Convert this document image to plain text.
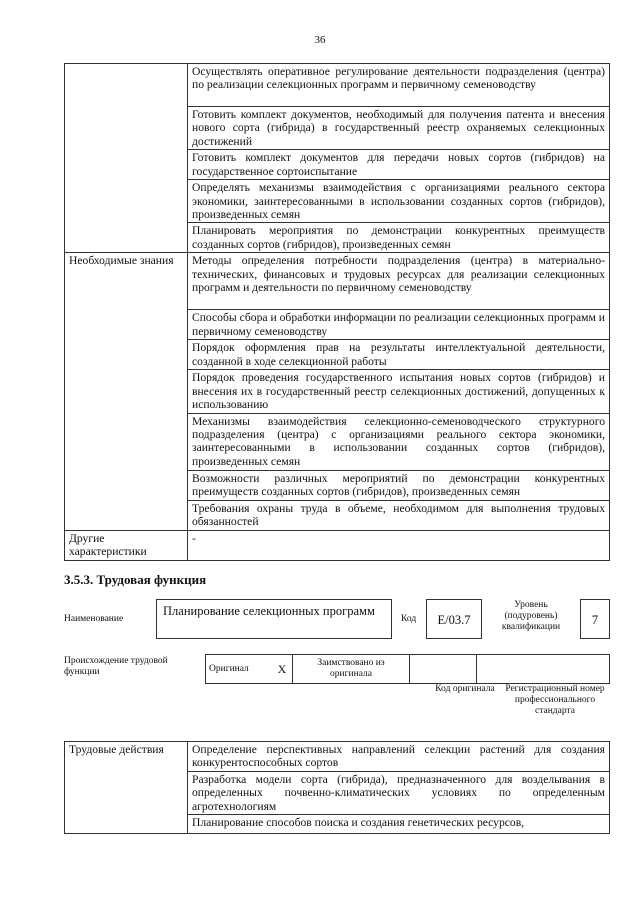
36
	Осуществлять оперативное регулирование деятельности подразделения (центра) по реализации селекционных программ и первичному семеноводству
	Готовить комплект документов, необходимый для получения патента и внесения нового сорта (гибрида) в государственный реестр охраняемых селекционных достижений
	Готовить комплект документов для передачи новых сортов (гибридов) на государственное сортоиспытание
	Определять механизмы взаимодействия с организациями реального сектора экономики, заинтересованными в использовании созданных сортов (гибридов), произведенных семян
	Планировать мероприятия по демонстрации конкурентных преимуществ созданных сортов (гибридов), произведенных семян
Необходимые знания	Методы определения потребности подразделения (центра) в материально-технических, финансовых и трудовых ресурсах для реализации селекционных программ и деятельности по первичному семеноводству
	Способы сбора и обработки информации по реализации селекционных программ и первичному семеноводству
	Порядок оформления прав на результаты интеллектуальной деятельности, созданной в ходе селекционной работы
	Порядок проведения государственного испытания новых сортов (гибридов) и внесения их в государственный реестр селекционных достижений, допущенных к использованию
	Механизмы взаимодействия селекционно-семеноводческого структурного подразделения (центра) с организациями реального сектора экономики, заинтересованными в использовании созданных сортов (гибридов), произведенных семян
	Возможности различных мероприятий по демонстрации конкурентных преимуществ созданных сортов (гибридов), произведенных семян
	Требования охраны труда в объеме, необходимом для выполнения трудовых обязанностей
Другие характеристики	-
3.5.3. Трудовая функция
Наименование
Планирование селекционных программ
Код	E/03.7
Уровень (подуровень) квалификации	7
Происхождение трудовой функции	Оригинал	X	Заимствовано из оригинала		
Код оригинала	Регистрационный номер профессионального стандарта
Трудовые действия	Определение перспективных направлений селекции растений для создания конкурентоспособных сортов
Разработка модели сорта (гибрида), предназначенного для возделывания в определенных почвенно-климатических условиях по определенным агротехнологиям
Планирование способов поиска и создания генетических ресурсов,
